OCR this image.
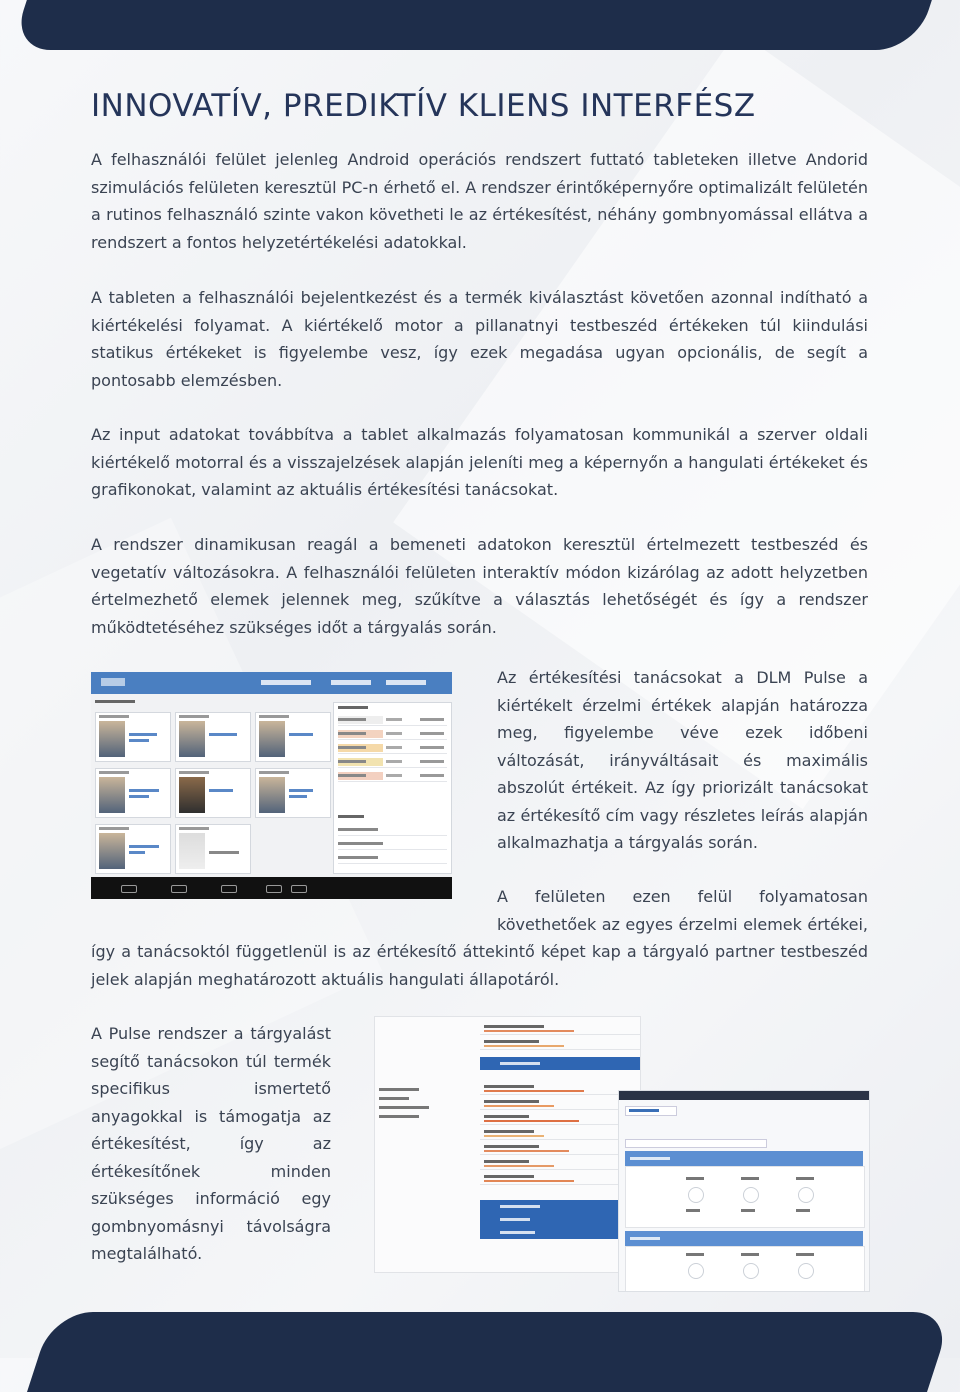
INNOVATÍV, PREDIKTÍV KLIENS INTERFÉSZ

A felhasználói felület jelenleg Android operációs rendszert futtató tableteken illetve Andorid szimulációs felületen keresztül PC-n érhető el. A rendszer érintőképernyőre optimalizált felületén a rutinos felhasználó szinte vakon követheti le az értékesítést, néhány gombnyomással ellátva a rendszert a fontos helyzetértékelési adatokkal.

A tableten a felhasználói bejelentkezést és a termék kiválasztást követően azonnal indítható a kiértékelési folyamat. A kiértékelő motor a pillanatnyi testbeszéd értékeken túl kiindulási statikus értékeket is figyelembe vesz, így ezek megadása ugyan opcionális, de segít a pontosabb elemzésben.

Az input adatokat továbbítva a tablet alkalmazás folyamatosan kommunikál a szerver oldali kiértékelő motorral és a visszajelzések alapján jeleníti meg a képernyőn a hangulati értékeket és grafikonokat, valamint az aktuális értékesítési tanácsokat.

A rendszer dinamikusan reagál a bemeneti adatokon keresztül értelmezett testbeszéd és vegetatív változásokra. A felhasználói felületen interaktív módon kizárólag az adott helyzetben értelmezhető elemek jelennek meg, szűkítve a választás lehetőségét és így a rendszer működtetéséhez szükséges időt a tárgyalás során.

Az értékesítési tanácsokat a DLM Pulse a kiértékelt érzelmi értékek alapján határozza meg, figyelembe véve ezek időbeni változását, irányváltásait és maximális abszolút értékeit. Az így priorizált tanácsokat az értékesítő cím vagy részletes leírás alapján alkalmazhatja a tárgyalás során.

A felületen ezen felül folyamatosan követhetőek az egyes érzelmi elemek értékei,

így a tanácsoktól függetlenül is az értékesítő áttekintő képet kap a tárgyaló partner testbeszéd jelek alapján meghatározott aktuális hangulati állapotáról.

A Pulse rendszer a tárgyalást segítő tanácsokon túl termék specifikus ismertető anyagokkal is támogatja az értékesítést, így az értékesítőnek minden szükséges információ egy gombnyomásnyi távolságra megtalálható.
